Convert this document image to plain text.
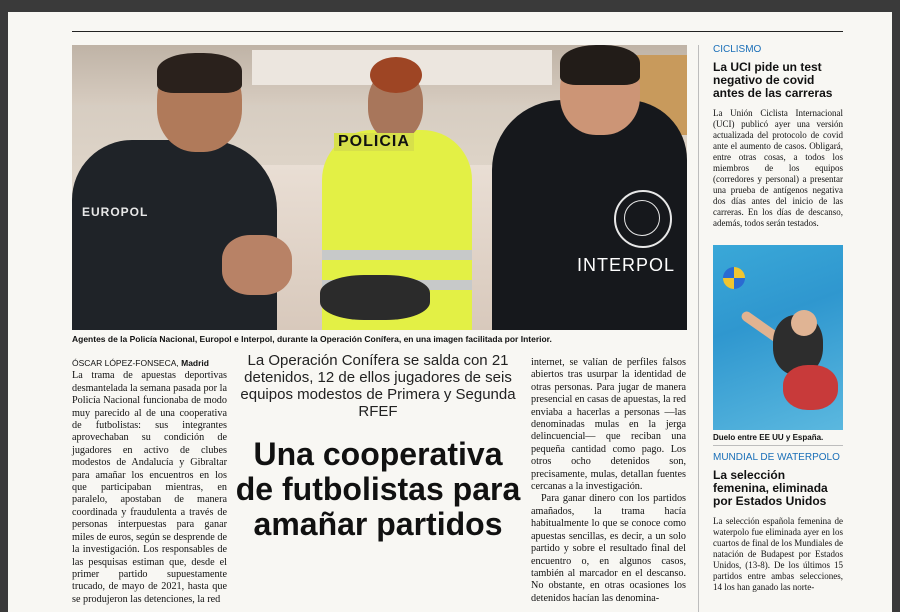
EUROPOL
POLICIA
INTERPOL
Agentes de la Policía Nacional, Europol e Interpol, durante la Operación Conífera, en una imagen facilitada por Interior.
ÓSCAR LÓPEZ-FONSECA, Madrid
La trama de apuestas deportivas desmantelada la semana pasada por la Policía Nacional funcionaba de modo muy parecido al de una cooperativa de futbolistas: sus integrantes aprovechaban su condición de jugadores en activo de clubes modestos de Andalucía y Gibraltar para amañar los encuentros en los que participaban mientras, en paralelo, apostaban de manera coordinada y fraudulenta a través de personas interpuestas para ganar miles de euros, según se desprende de la investigación. Los responsables de las pesquisas estiman que, desde el primer partido supuestamente trucado, de mayo de 2021, hasta que se produjeron las detenciones, la red
La Operación Conífera se salda con 21 detenidos, 12 de ellos jugadores de seis equipos modestos de Primera y Segunda RFEF
Una cooperativa de futbolistas para amañar partidos

internet, se valían de perfiles falsos abiertos tras usurpar la identidad de otras personas. Para jugar de manera presencial en casas de apuestas, la red enviaba a hacerlas a personas —las denominadas mulas en la jerga delincuencial— que reciban una pequeña cantidad como pago. Los otros ocho detenidos son, precisamente, mulas, detallan fuentes cercanas a la investigación.

Para ganar dinero con los partidos amañados, la trama hacía habitualmente lo que se conoce como apuestas sencillas, es decir, a un solo partido y sobre el resultado final del encuentro o, en algunos casos, también al marcador en el descanso. No obstante, en otras ocasiones los detenidos hacían las denomina-

CICLISMO
La UCI pide un test negativo de covid antes de las carreras
La Unión Ciclista Internacional (UCI) publicó ayer una versión actualizada del protocolo de covid ante el aumento de casos. Obligará, entre otras cosas, a todos los miembros de los equipos (corredores y personal) a presentar una prueba de antígenos negativa dos días antes del inicio de las carreras. En los días de descanso, además, todos serán testados.
Duelo entre EE UU y España.
MUNDIAL DE WATERPOLO
La selección femenina, eliminada por Estados Unidos
La selección española femenina de waterpolo fue eliminada ayer en los cuartos de final de los Mundiales de natación de Budapest por Estados Unidos, (13-8). De los últimos 15 partidos entre ambas selecciones, 14 los han ganado las norte-
